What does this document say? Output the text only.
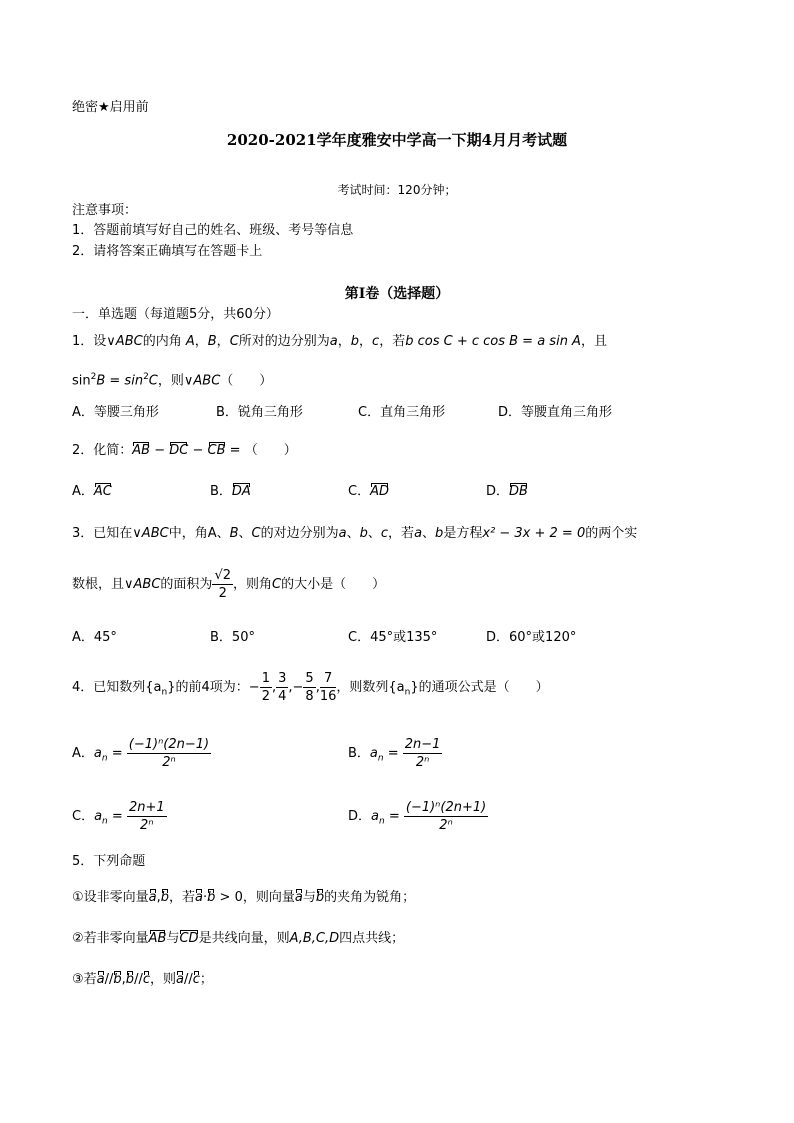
绝密★启用前
2020-2021学年度雅安中学高一下期4月月考试题
考试时间：120分钟；
注意事项：
1．答题前填写好自己的姓名、班级、考号等信息
2．请将答案正确填写在答题卡上
第I卷（选择题）
一．单选题（每道题5分，共60分）
1．设∨ABC的内角 A，B，C所对的边分别为a，b，c，若b cos C + c cos B = a sin A，且
$\sin^2B = \sin^2C$，则∨ABC（　　）
A．等腰三角形	B．锐角三角形	C．直角三角形	D．等腰直角三角形
2．化简：AB − DC − CB = （　　）
A．AC	B．DA	C．AD	D．DB
3．已知在∨ABC中，角A、B、C的对边分别为a、b、c，若a、b是方程x² − 3x + 2 = 0的两个实
数根，且∨ABC的面积为 $\frac{√2}{2}$ ，则角C的大小是（　　）
A．45°	B．50°	C．45°或135°	D．60°或120°
4．已知数列$\{a_n\}$的前4项为：− $\frac{1}{2}$ , $\frac{3}{4}$ ,− $\frac{5}{8}$ , $\frac{7}{16}$ ，则数列$\{a_n\}$的通项公式是（　　）
A．$a_n = \frac{\text{(−1)ⁿ(2n−1)}}{\text{2ⁿ}}$	B．$a_n = \frac{2n-1}{\text{2ⁿ}}$
C．$a_n = \frac{2n+1}{\text{2ⁿ}}$	D．$a_n = \frac{\text{(−1)ⁿ(2n+1)}}{\text{2ⁿ}}$
5．下列命题
①设非零向量a,b，若a·b > 0，则向量a与b的夹角为锐角；
②若非零向量AB与CD是共线向量，则A,B,C,D四点共线；
③若a//b,b//c，则a//c；
